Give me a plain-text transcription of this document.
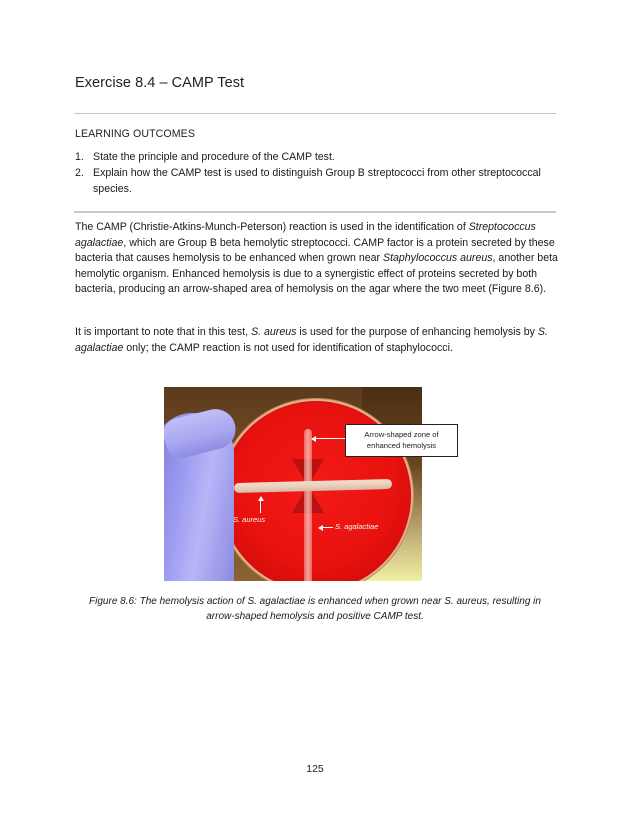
Exercise 8.4 – CAMP Test
LEARNING OUTCOMES
1. State the principle and procedure of the CAMP test.
2. Explain how the CAMP test is used to distinguish Group B streptococci from other streptococcal species.

The CAMP (Christie-Atkins-Munch-Peterson) reaction is used in the identification of Streptococcus agalactiae, which are Group B beta hemolytic streptococci. CAMP factor is a protein secreted by these bacteria that causes hemolysis to be enhanced when grown near Staphylococcus aureus, another beta hemolytic organism. Enhanced hemolysis is due to a synergistic effect of proteins secreted by both bacteria, producing an arrow-shaped area of hemolysis on the agar where the two meet (Figure 8.6).

It is important to note that in this test, S. aureus is used for the purpose of enhancing hemolysis by S. agalactiae only; the CAMP reaction is not used for identification of staphylococci.

S. aureus
S. agalactiae
Arrow-shaped zone of
enhanced hemolysis
Figure 8.6: The hemolysis action of S. agalactiae is enhanced when grown near S. aureus, resulting in
arrow-shaped hemolysis and positive CAMP test.
125
